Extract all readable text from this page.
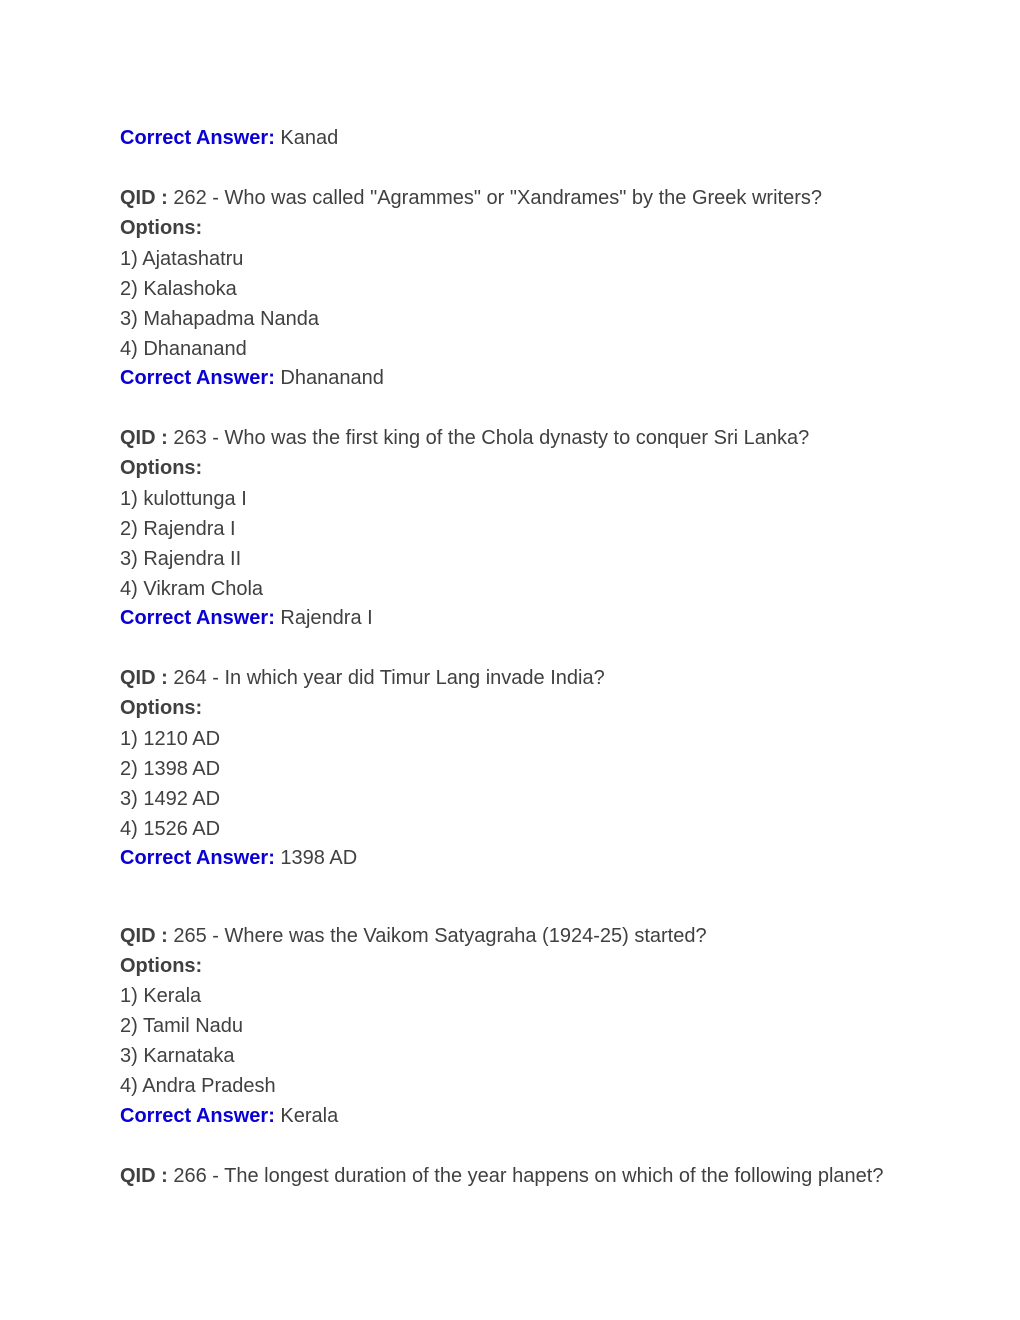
Correct Answer: Kanad
QID : 262 - Who was called "Agrammes" or "Xandrames" by the Greek writers?
Options:
1) Ajatashatru
2) Kalashoka
3) Mahapadma Nanda
4) Dhananand
Correct Answer: Dhananand
QID : 263 - Who was the first king of the Chola dynasty to conquer Sri Lanka?
Options:
1) kulottunga I
2) Rajendra I
3) Rajendra II
4) Vikram Chola
Correct Answer: Rajendra I
QID : 264 - In which year did Timur Lang invade India?
Options:
1) 1210 AD
2) 1398 AD
3) 1492 AD
4) 1526 AD
Correct Answer: 1398 AD
QID : 265 - Where was the Vaikom Satyagraha (1924-25) started?
Options:
1) Kerala
2) Tamil Nadu
3) Karnataka
4) Andra Pradesh
Correct Answer: Kerala
QID : 266 - The longest duration of the year happens on which of the following planet?
